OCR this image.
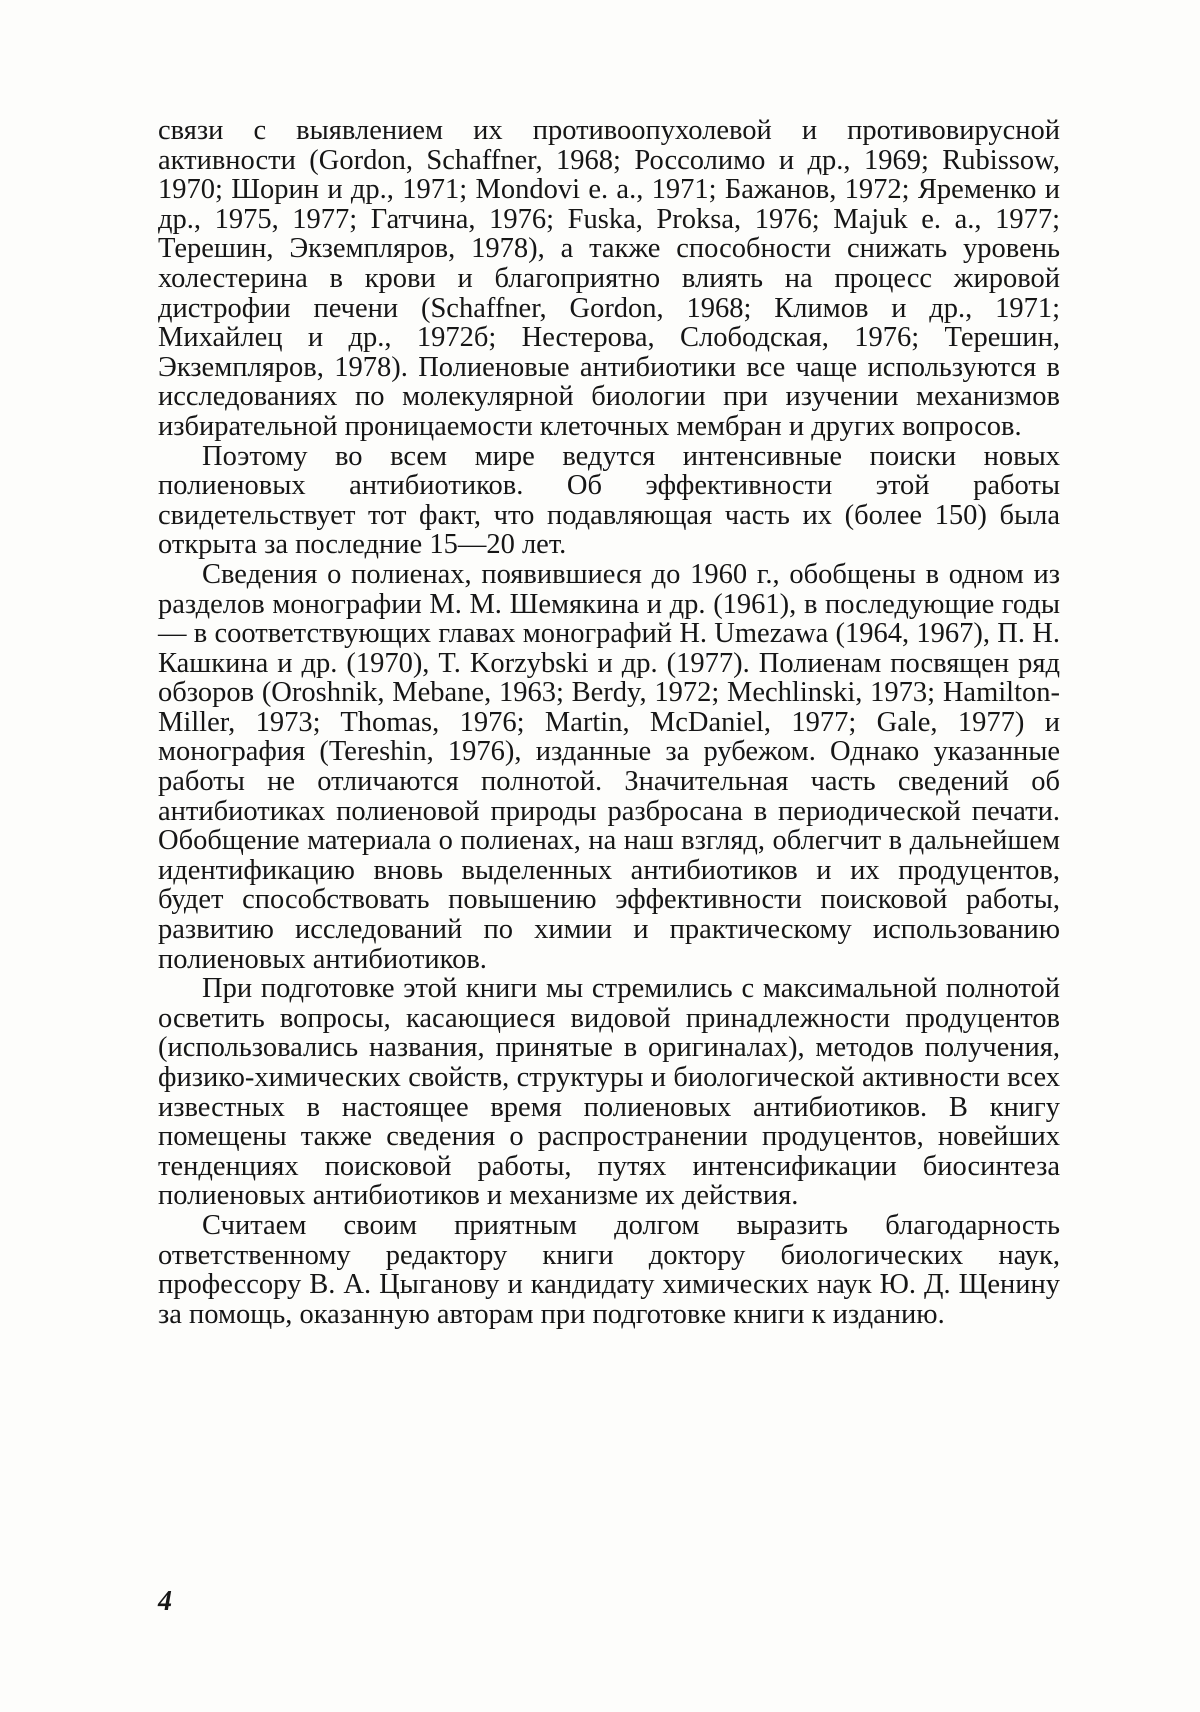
связи с выявлением их противоопухолевой и противовирусной активности (Gordon, Schaffner, 1968; Россолимо и др., 1969; Rubissow, 1970; Шорин и др., 1971; Mondovi e. a., 1971; Бажанов, 1972; Яременко и др., 1975, 1977; Гатчина, 1976; Fuska, Proksa, 1976; Majuk e. a., 1977; Терешин, Экземпляров, 1978), а также способности снижать уровень холестерина в крови и благоприятно влиять на процесс жировой дистрофии печени (Schaffner, Gordon, 1968; Климов и др., 1971; Михайлец и др., 1972б; Нестерова, Слободская, 1976; Терешин, Экземпляров, 1978). Полиеновые антибиотики все чаще используются в исследованиях по молекулярной биологии при изучении механизмов избирательной проницаемости клеточных мембран и других вопросов.

Поэтому во всем мире ведутся интенсивные поиски новых полиеновых антибиотиков. Об эффективности этой работы свидетельствует тот факт, что подавляющая часть их (более 150) была открыта за последние 15—20 лет.

Сведения о полиенах, появившиеся до 1960 г., обобщены в одном из разделов монографии М. М. Шемякина и др. (1961), в последующие годы — в соответствующих главах монографий H. Umezawa (1964, 1967), П. Н. Кашкина и др. (1970), T. Korzybski и др. (1977). Полиенам посвящен ряд обзоров (Oroshnik, Mebane, 1963; Berdy, 1972; Mechlinski, 1973; Hamilton-Miller, 1973; Thomas, 1976; Martin, McDaniel, 1977; Gale, 1977) и монография (Tereshin, 1976), изданные за рубежом. Однако указанные работы не отличаются полнотой. Значительная часть сведений об антибиотиках полиеновой природы разбросана в периодической печати. Обобщение материала о полиенах, на наш взгляд, облегчит в дальнейшем идентификацию вновь выделенных антибиотиков и их продуцентов, будет способствовать повышению эффективности поисковой работы, развитию исследований по химии и практическому использованию полиеновых антибиотиков.

При подготовке этой книги мы стремились с максимальной полнотой осветить вопросы, касающиеся видовой принадлежности продуцентов (использовались названия, принятые в оригиналах), методов получения, физико-химических свойств, структуры и биологической активности всех известных в настоящее время полиеновых антибиотиков. В книгу помещены также сведения о распространении продуцентов, новейших тенденциях поисковой работы, путях интенсификации биосинтеза полиеновых антибиотиков и механизме их действия.

Считаем своим приятным долгом выразить благодарность ответственному редактору книги доктору биологических наук, профессору В. А. Цыганову и кандидату химических наук Ю. Д. Щенину за помощь, оказанную авторам при подготовке книги к изданию.

4
